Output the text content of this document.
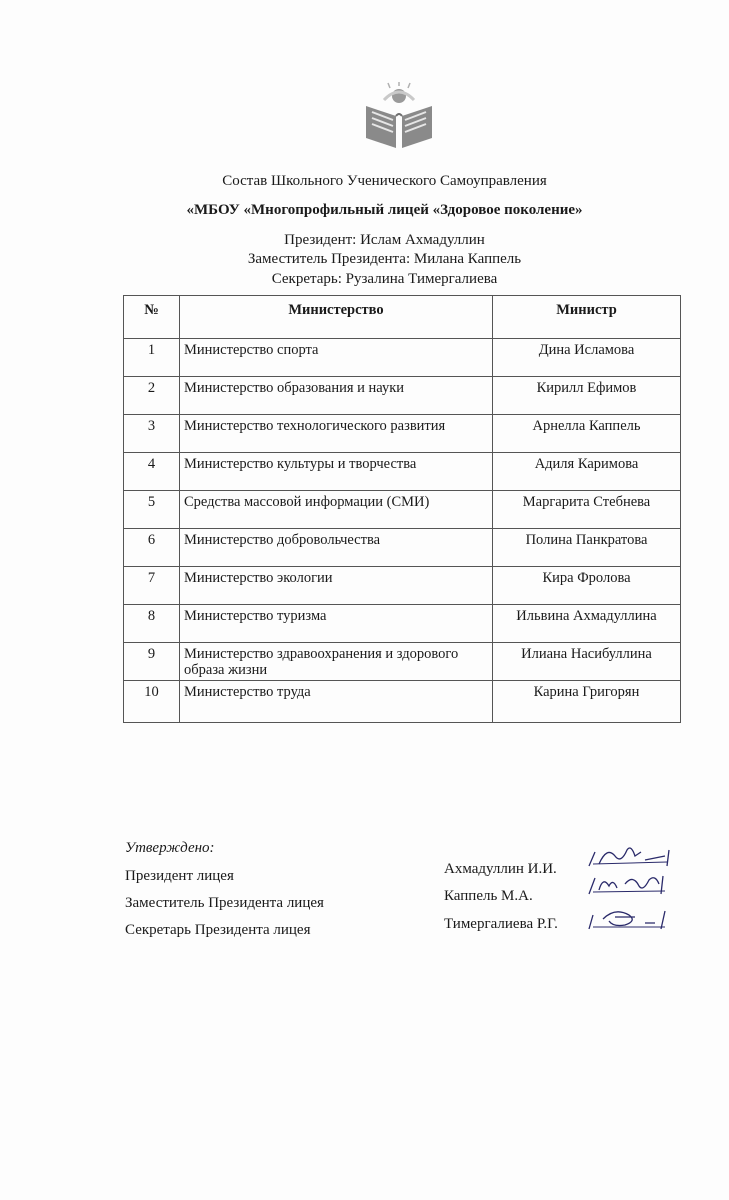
Состав Школьного Ученического Самоуправления
«МБОУ «Многопрофильный лицей «Здоровое поколение»
Президент: Ислам Ахмадуллин
Заместитель Президента: Милана Каппель
Секретарь: Рузалина Тимергалиева
№	Министерство	Министр
1	Министерство спорта	Дина Исламова
2	Министерство образования и науки	Кирилл Ефимов
3	Министерство технологического развития	Арнелла Каппель
4	Министерство культуры и творчества	Адиля Каримова
5	Средства массовой информации (СМИ)	Маргарита Стебнева
6	Министерство добровольчества	Полина Панкратова
7	Министерство экологии	Кира Фролова
8	Министерство туризма	Ильвина Ахмадуллина
9	Министерство здравоохранения и здорового образа жизни	Илиана Насибуллина
10	Министерство труда	Карина Григорян
Утверждено:
Президент лицея
Заместитель Президента лицея
Секретарь Президента лицея
Ахмадуллин И.И.
Каппель М.А.
Тимергалиева Р.Г.
